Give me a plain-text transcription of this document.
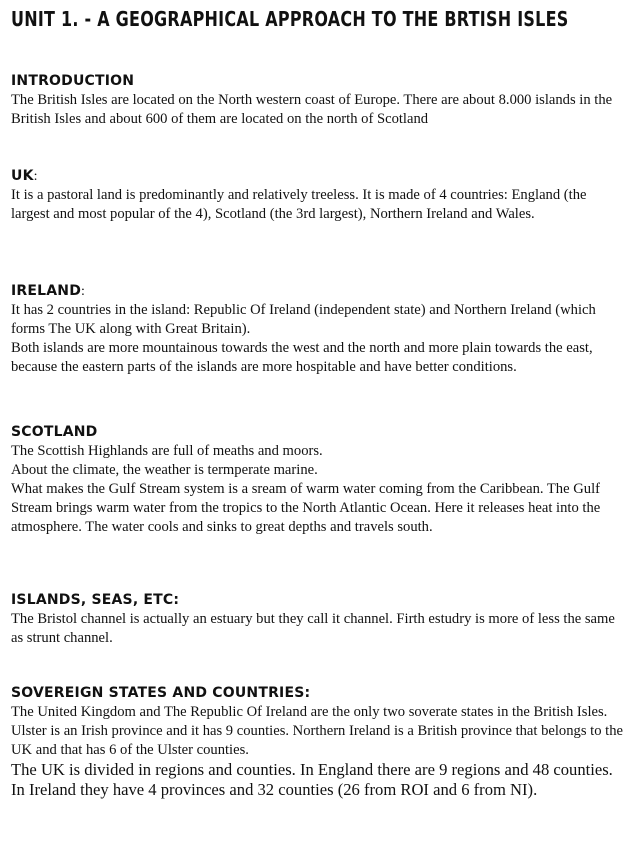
UNIT 1. - A GEOGRAPHICAL APPROACH TO THE BRTISH ISLES
INTRODUCTION

The British Isles are located on the North western coast of Europe. There are about 8.000 islands in the British Isles and about 600 of them are located on the north of Scotland

UK:

It is a pastoral land is predominantly and relatively treeless. It is made of 4 countries: England (the largest and most popular of the 4), Scotland (the 3rd largest), Northern Ireland and Wales.

IRELAND:

It has 2 countries in the island: Republic Of Ireland (independent state) and Northern Ireland (which forms The UK along with Great Britain).

Both islands are more mountainous towards the west and the north and more plain towards the east, because the eastern parts of the islands are more hospitable and have better conditions.

SCOTLAND

The Scottish Highlands are full of meaths and moors.

About the climate, the weather is termperate marine.

What makes the Gulf Stream system is a sream of warm water coming from the Caribbean. The Gulf Stream brings warm water from the tropics to the North Atlantic Ocean. Here it releases heat into the atmosphere. The water cools and sinks to great depths and travels south.

ISLANDS, SEAS, ETC:

The Bristol channel is actually an estuary but they call it channel. Firth estudry is more of less the same as strunt channel.

SOVEREIGN STATES AND COUNTRIES:

The United Kingdom and The Republic Of Ireland are the only two soverate states in the British Isles.

Ulster is an Irish province and it has 9 counties. Northern Ireland is a British province that belongs to the UK and that has 6 of the Ulster counties.

The UK is divided in regions and counties. In England there are 9 regions and 48 counties. In Ireland they have 4 provinces and 32 counties (26 from ROI and 6 from NI).
